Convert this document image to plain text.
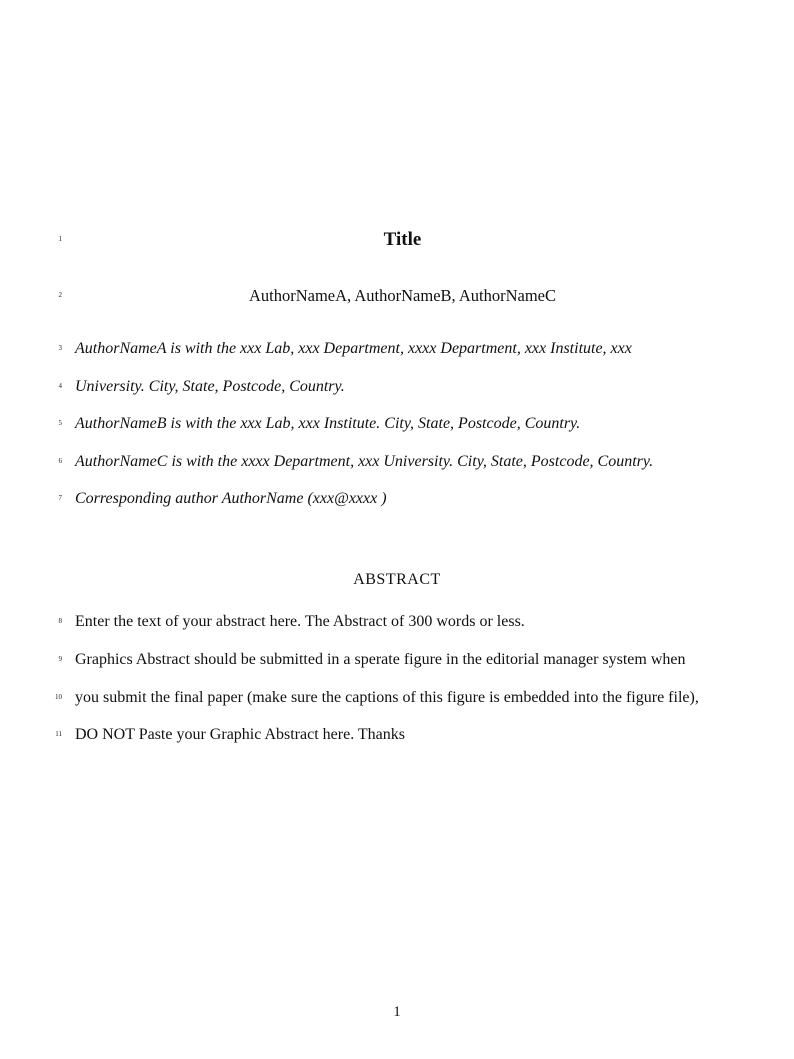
1	Title
2	AuthorNameA, AuthorNameB, AuthorNameC
3 AuthorNameA is with the xxx Lab, xxx Department, xxxx Department, xxx Institute, xxx
4 University. City, State, Postcode, Country.
5 AuthorNameB is with the xxx Lab, xxx Institute. City, State, Postcode, Country.
6 AuthorNameC is with the xxxx Department, xxx University. City, State, Postcode, Country.
7 Corresponding author AuthorName (xxx@xxxx )
ABSTRACT
8 Enter the text of your abstract here. The Abstract of 300 words or less.
9 Graphics Abstract should be submitted in a sperate figure in the editorial manager system when
10 you submit the final paper (make sure the captions of this figure is embedded into the figure file),
11 DO NOT Paste your Graphic Abstract here. Thanks
1
